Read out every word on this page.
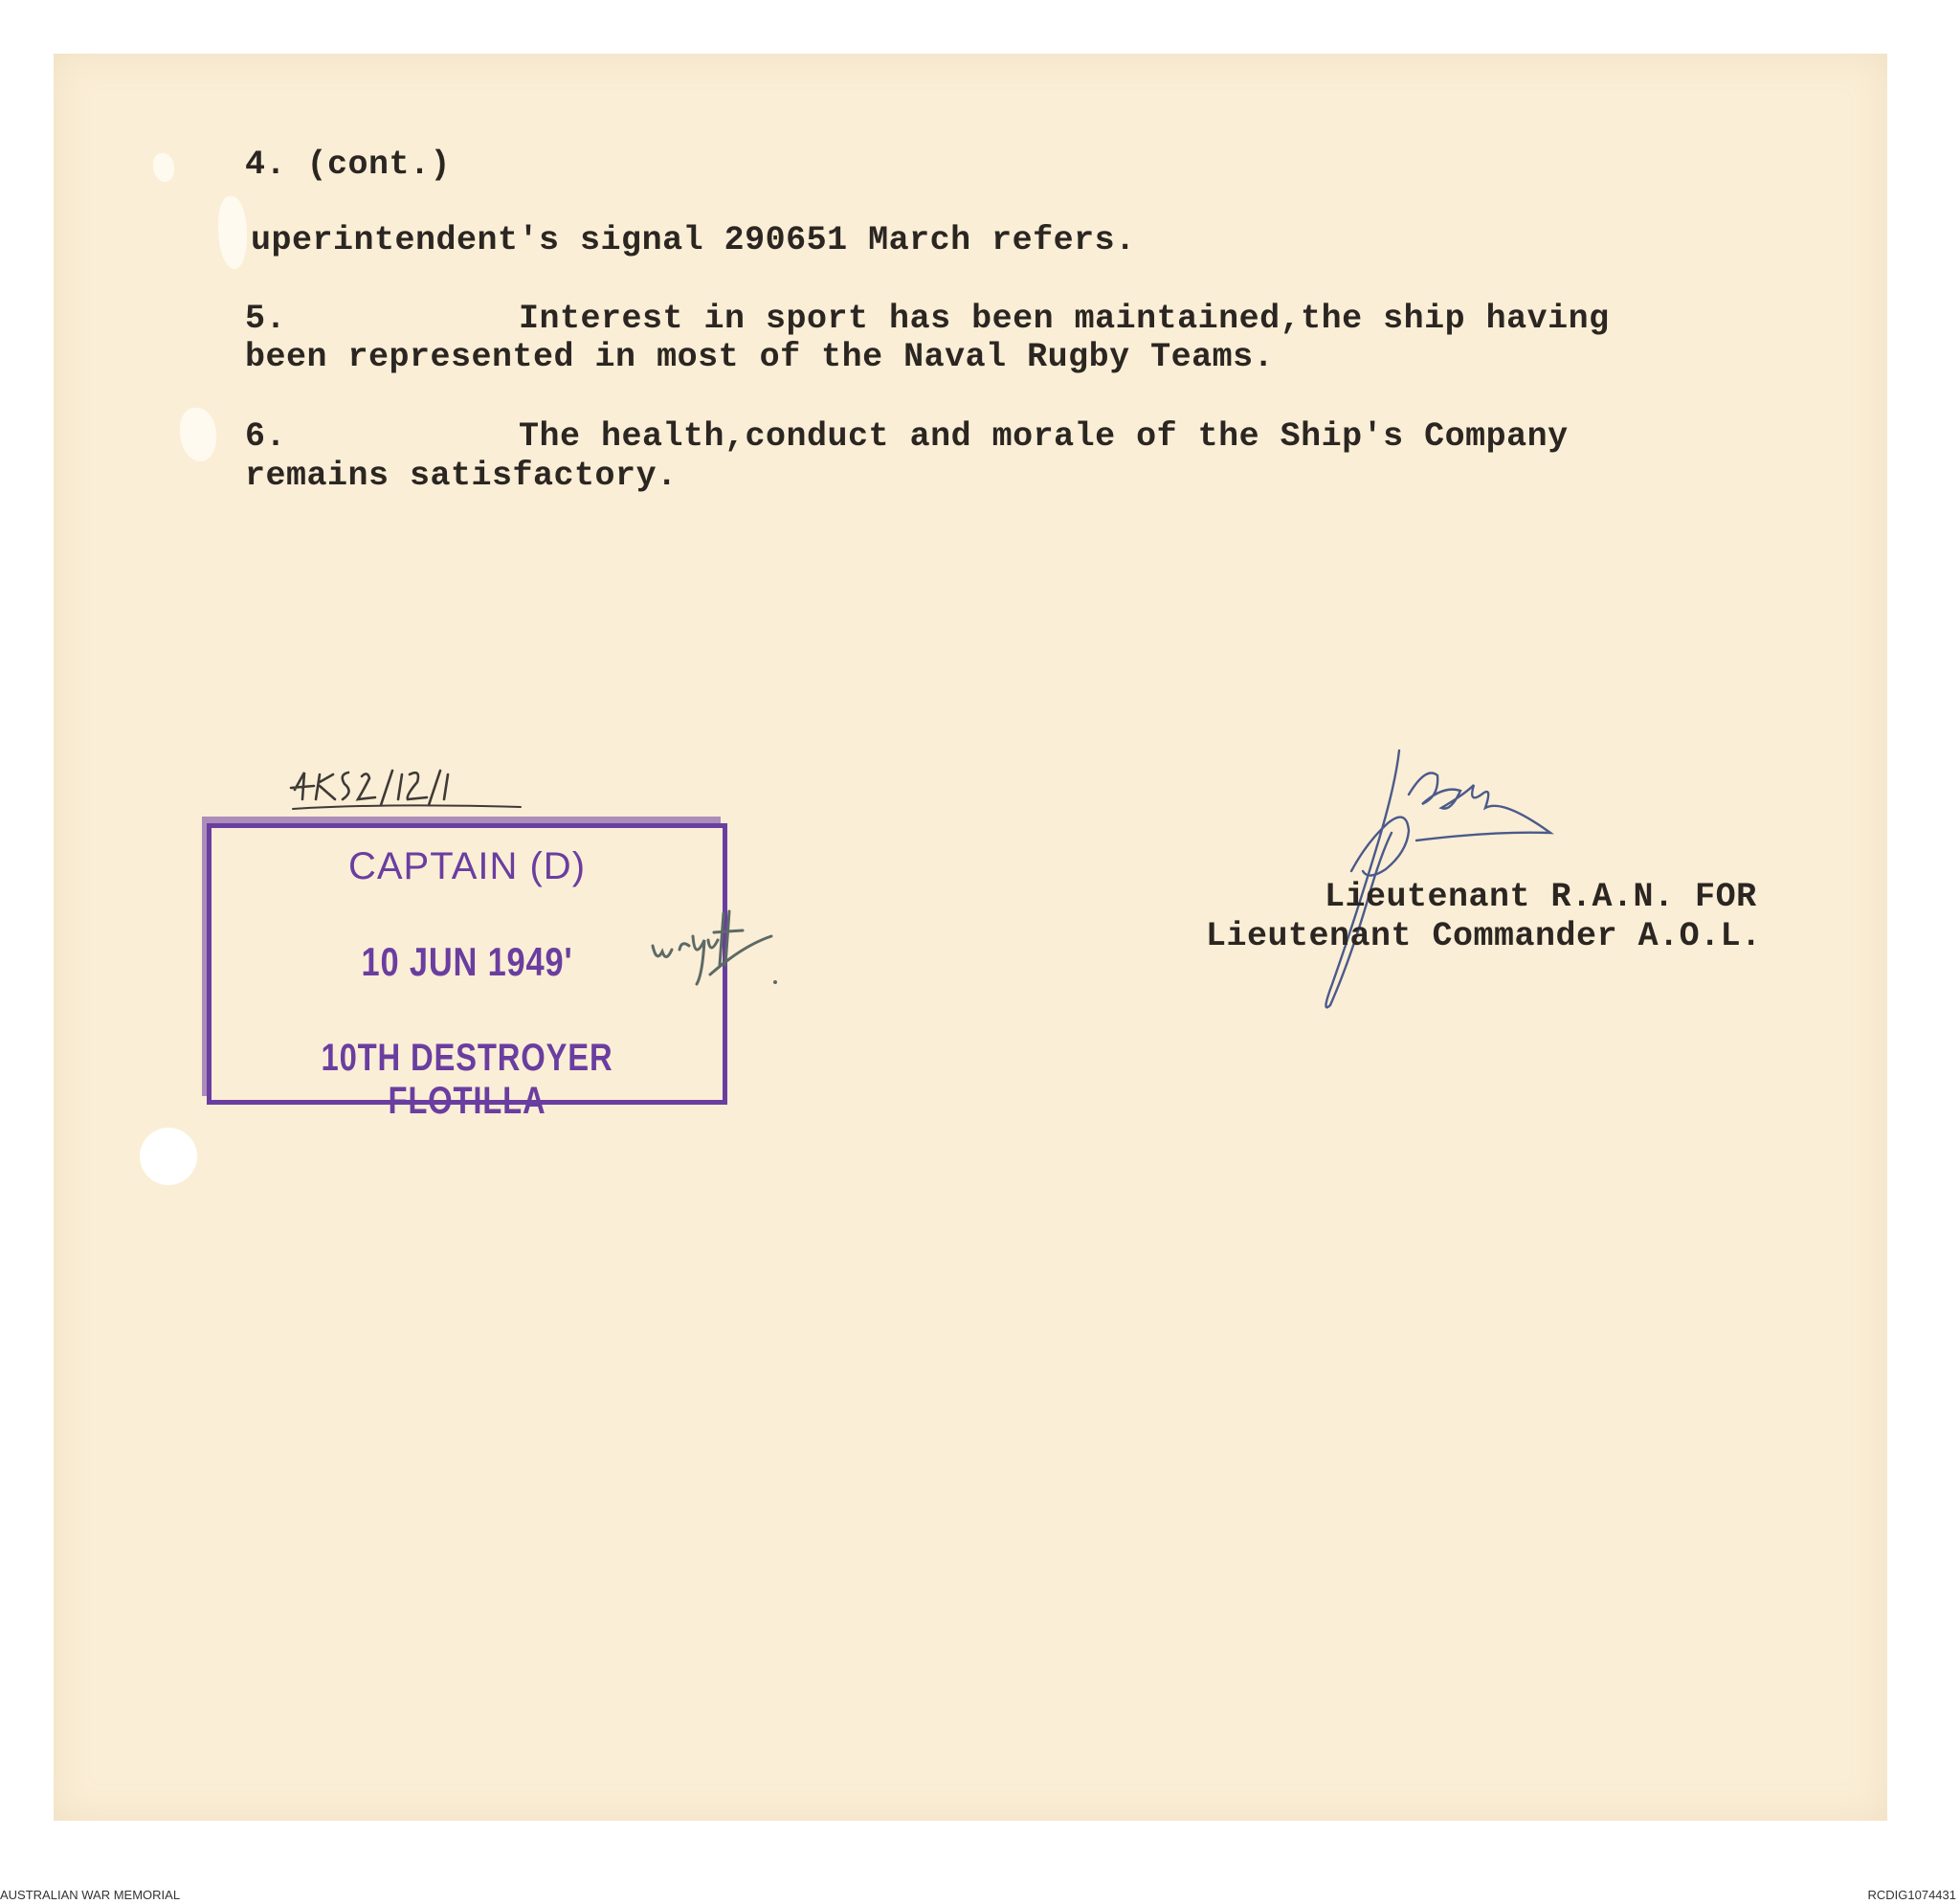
4. (cont.)
uperintendent's signal 290651 March refers.
5.	Interest in sport has been maintained,the ship having
been represented in most of the Naval Rugby Teams.
6.	The health,conduct and morale of the Ship's Company
remains satisfactory.
CAPTAIN (D)
10 JUN 1949'
10TH DESTROYER FLOTILLA
Lieutenant R.A.N. FOR
Lieutenant Commander A.O.L.
AUSTRALIAN WAR MEMORIAL	RCDIG1074431
